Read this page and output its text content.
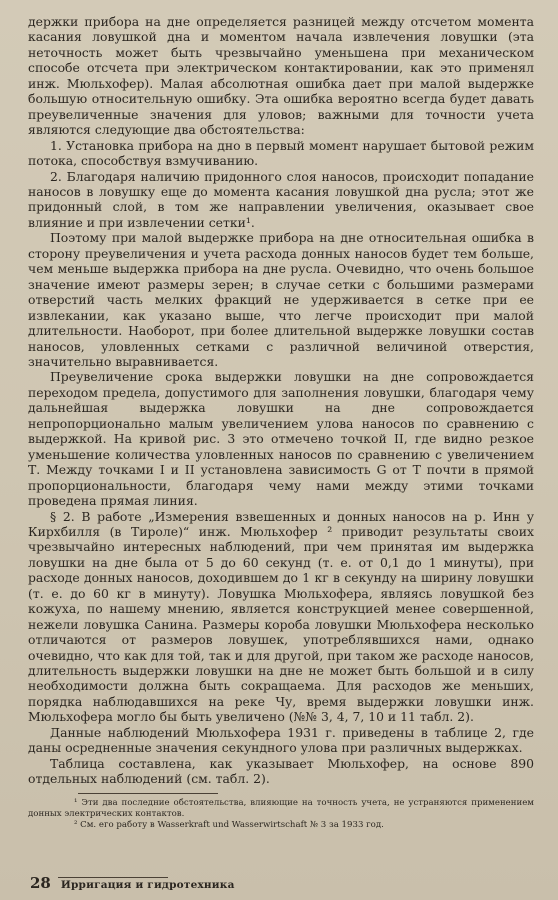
держки прибора на дне определяется разницей между отсчетом момента касания ловушкой дна и моментом начала извлечения ловушки (эта неточность может быть чрезвычайно уменьшена при механическом способе отсчета при электрическом контактировании, как это применял инж. Мюльхофер). Малая абсолютная ошибка дает при малой выдержке большую относительную ошибку. Эта ошибка вероятно всегда будет давать преувеличенные значения для уловов; важными для точности учета являются следующие два обстоятельства:

1. Установка прибора на дно в первый момент нарушает бытовой режим потока, способствуя взмучиванию.

2. Благодаря наличию придонного слоя наносов, происходит попадание наносов в ловушку еще до момента касания ловушкой дна русла; этот же придонный слой, в том же направлении увеличения, оказывает свое влияние и при извлечении сетки¹.

Поэтому при малой выдержке прибора на дне относительная ошибка в сторону преувеличения и учета расхода донных наносов будет тем больше, чем меньше выдержка прибора на дне русла. Очевидно, что очень большое значение имеют размеры зерен; в случае сетки с большими размерами отверстий часть мелких фракций не удерживается в сетке при ее извлекании, как указано выше, что легче происходит при малой длительности. Наоборот, при более длительной выдержке ловушки состав наносов, уловленных сетками с различной величиной отверстия, значительно выравнивается.

Преувеличение срока выдержки ловушки на дне сопровождается переходом предела, допустимого для заполнения ловушки, благодаря чему дальнейшая выдержка ловушки на дне сопровождается непропорционально малым увеличением улова наносов по сравнению с выдержкой. На кривой рис. 3 это отмечено точкой II, где видно резкое уменьшение количества уловленных наносов по сравнению с увеличением Т. Между точками I и II установлена зависимость G от Т почти в прямой пропорциональности, благодаря чему нами между этими точками проведена прямая линия.

§ 2. В работе „Измерения взвешенных и донных наносов на р. Инн у Кирхбилля (в Тироле)“ инж. Мюльхофер ² приводит результаты своих чрезвычайно интересных наблюдений, при чем принятая им выдержка ловушки на дне была от 5 до 60 секунд (т. е. от 0,1 до 1 минуты), при расходе донных наносов, доходившем до 1 кг в секунду на ширину ловушки (т. е. до 60 кг в минуту). Ловушка Мюльхофера, являясь ловушкой без кожуха, по нашему мнению, является конструкцией менее совершенной, нежели ловушка Санина. Размеры короба ловушки Мюльхофера несколько отличаются от размеров ловушек, употреблявшихся нами, однако очевидно, что как для той, так и для другой, при таком же расходе наносов, длительность выдержки ловушки на дне не может быть большой и в силу необходимости должна быть сокращаема. Для расходов же меньших, порядка наблюдавшихся на реке Чу, время выдержки ловушки инж. Мюльхофера могло бы быть увеличено (№№ 3, 4, 7, 10 и 11 табл. 2).

Данные наблюдений Мюльхофера 1931 г. приведены в таблице 2, где даны осредненные значения секундного улова при различных выдержках.

Таблица составлена, как указывает Мюльхофер, на основе 890 отдельных наблюдений (см. табл. 2).

¹ Эти два последние обстоятельства, влияющие на точность учета, не устраняются применением донных электрических контактов.

² См. его работу в Wasserkraft und Wasserwirtschaft № 3 за 1933 год.

28 Ирригация и гидротехника
